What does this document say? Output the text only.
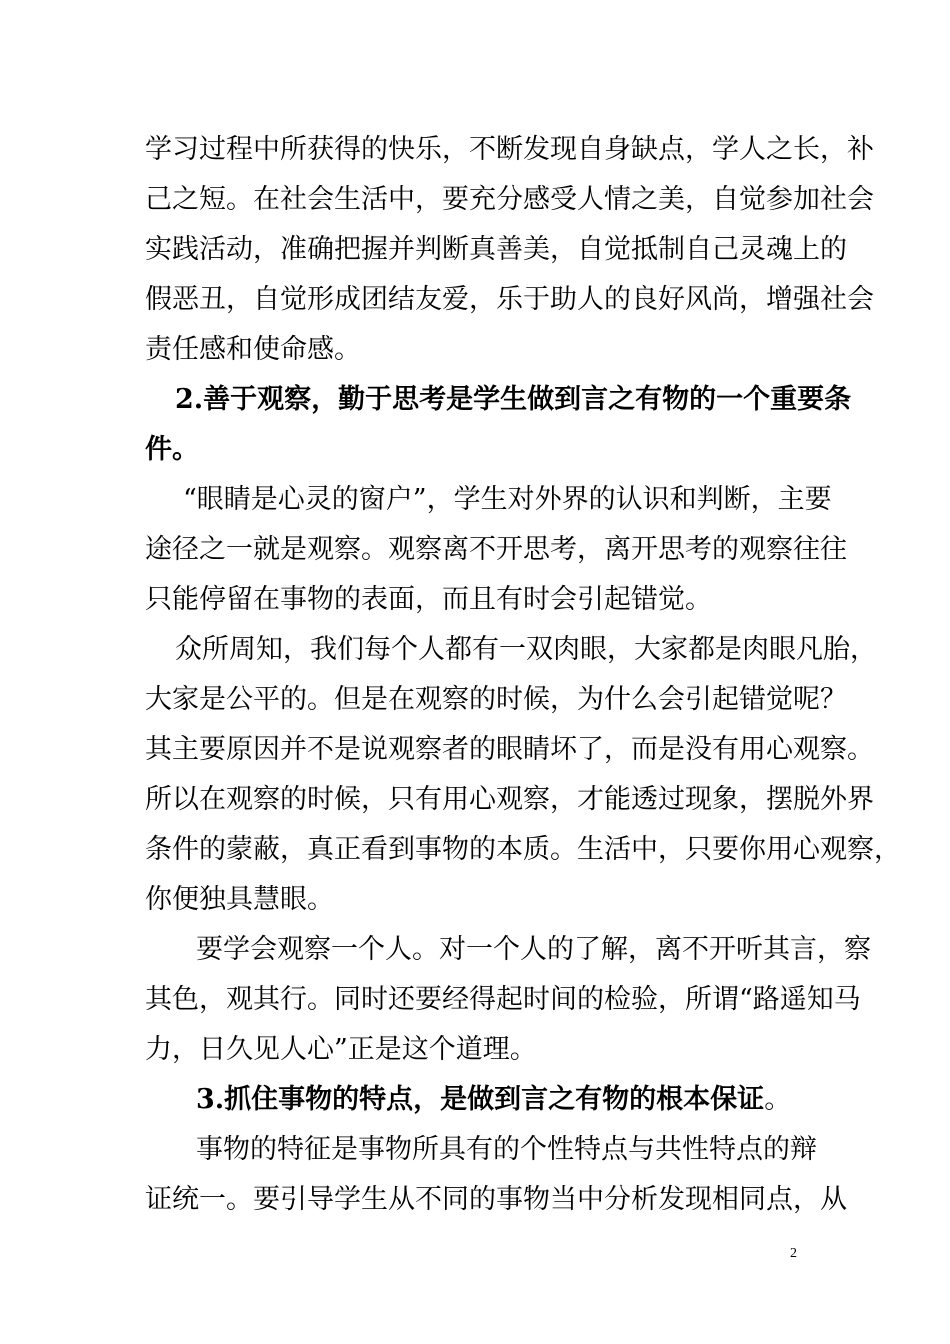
学习过程中所获得的快乐，不断发现自身缺点，学人之长，补
己之短。在社会生活中，要充分感受人情之美，自觉参加社会
实践活动，准确把握并判断真善美，自觉抵制自己灵魂上的
假恶丑，自觉形成团结友爱，乐于助人的良好风尚，增强社会
责任感和使命感。
2.善于观察，勤于思考是学生做到言之有物的一个重要条
件。
“眼睛是心灵的窗户”，学生对外界的认识和判断，主要
途径之一就是观察。观察离不开思考，离开思考的观察往往
只能停留在事物的表面，而且有时会引起错觉。
众所周知，我们每个人都有一双肉眼，大家都是肉眼凡胎，
大家是公平的。但是在观察的时候，为什么会引起错觉呢？
其主要原因并不是说观察者的眼睛坏了，而是没有用心观察。
所以在观察的时候，只有用心观察，才能透过现象，摆脱外界
条件的蒙蔽，真正看到事物的本质。生活中，只要你用心观察，
你便独具慧眼。
要学会观察一个人。对一个人的了解，离不开听其言，察
其色，观其行。同时还要经得起时间的检验，所谓“路遥知马
力，日久见人心”正是这个道理。
3.抓住事物的特点，是做到言之有物的根本保证。
事物的特征是事物所具有的个性特点与共性特点的辩
证统一。要引导学生从不同的事物当中分析发现相同点，从
2
